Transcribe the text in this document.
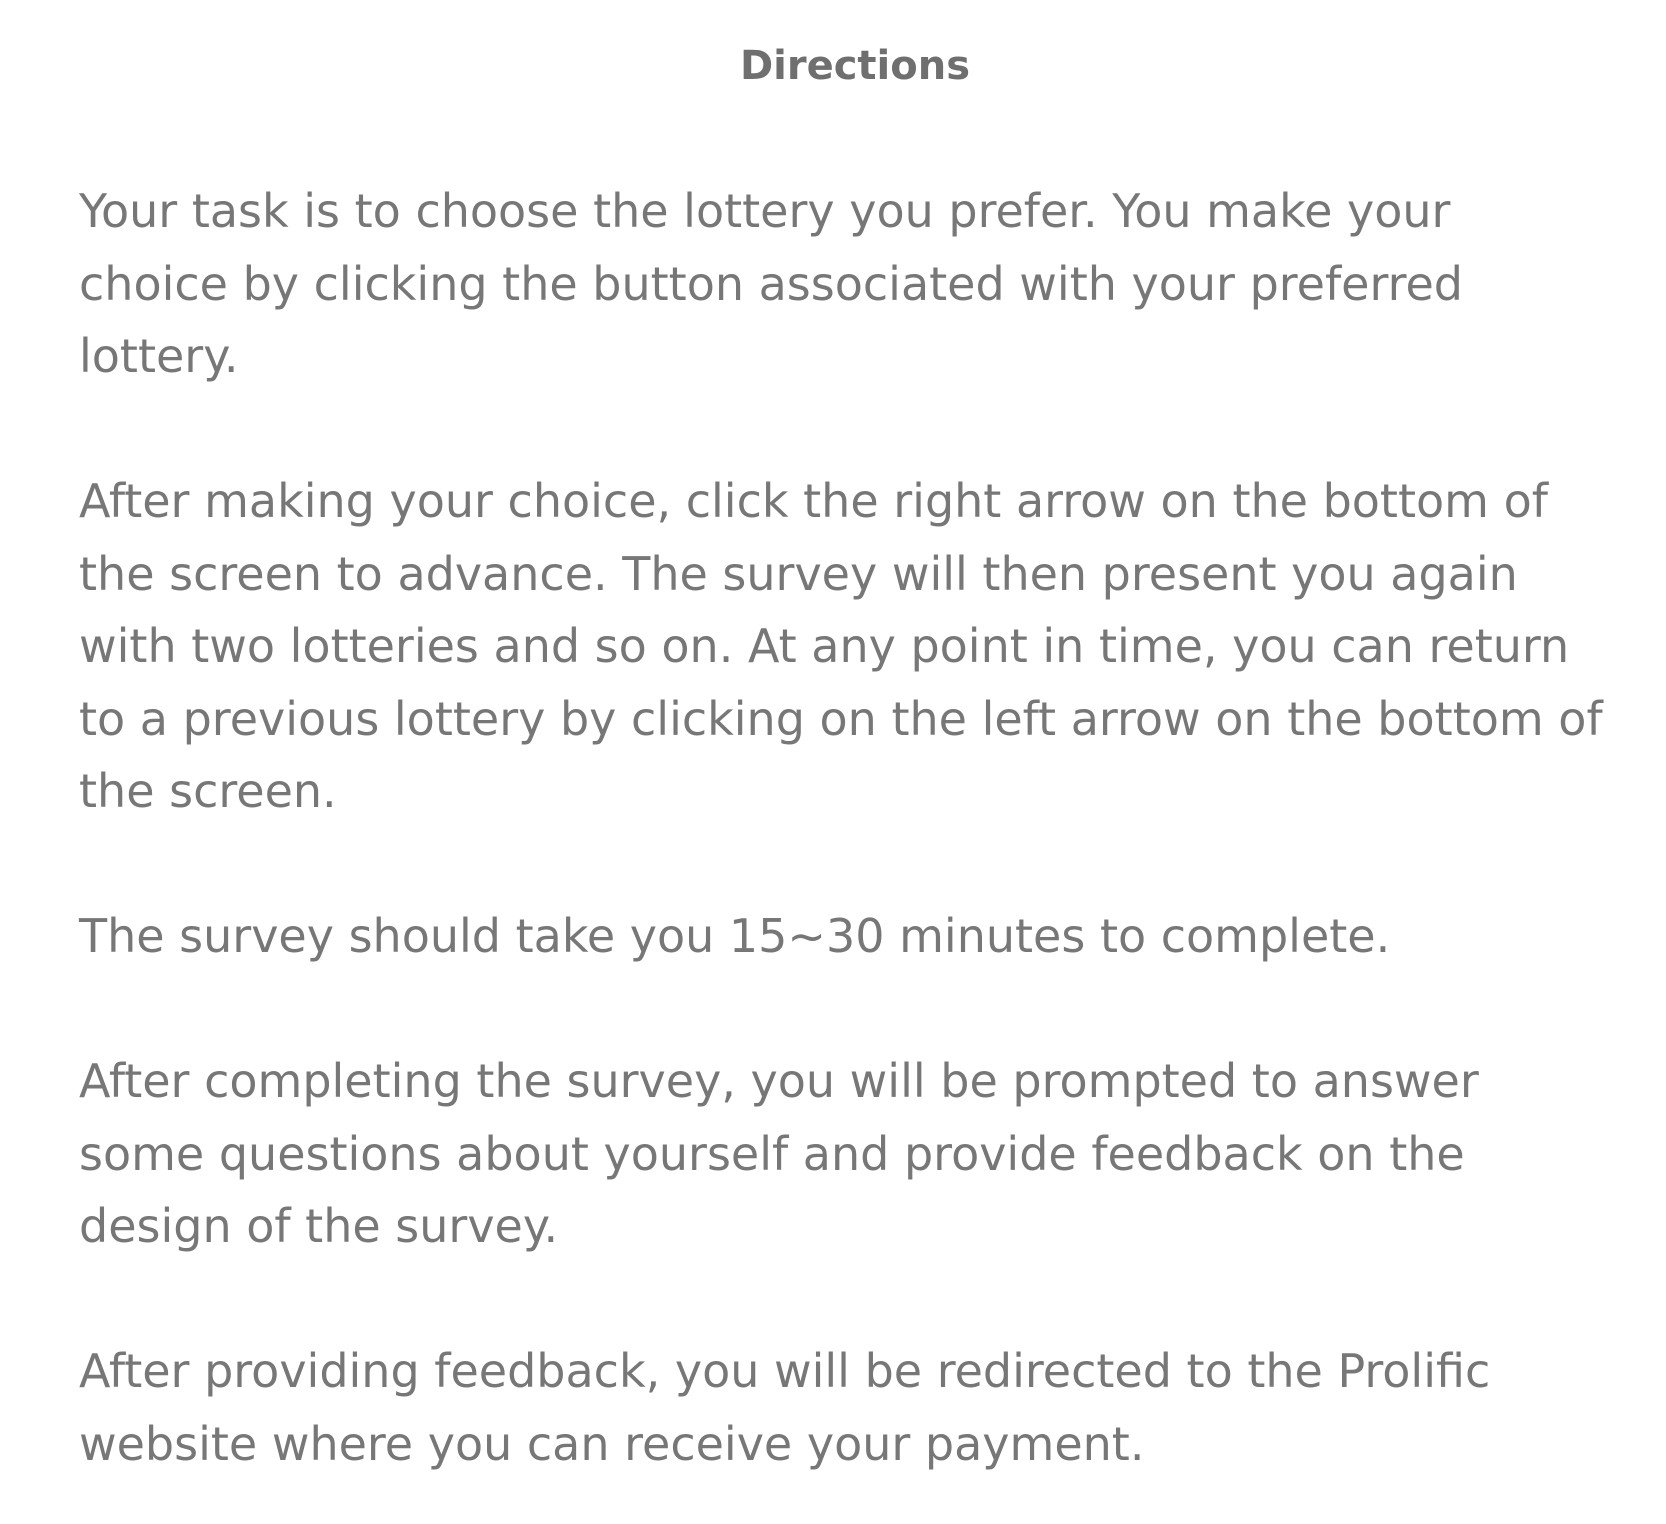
Directions
Your task is to choose the lottery you prefer. You make your
choice by clicking the button associated with your preferred
lottery.
After making your choice, click the right arrow on the bottom of
the screen to advance. The survey will then present you again
with two lotteries and so on. At any point in time, you can return
to a previous lottery by clicking on the left arrow on the bottom of
the screen.
The survey should take you 15~30 minutes to complete.
After completing the survey, you will be prompted to answer
some questions about yourself and provide feedback on the
design of the survey.
After providing feedback, you will be redirected to the Prolific
website where you can receive your payment.
